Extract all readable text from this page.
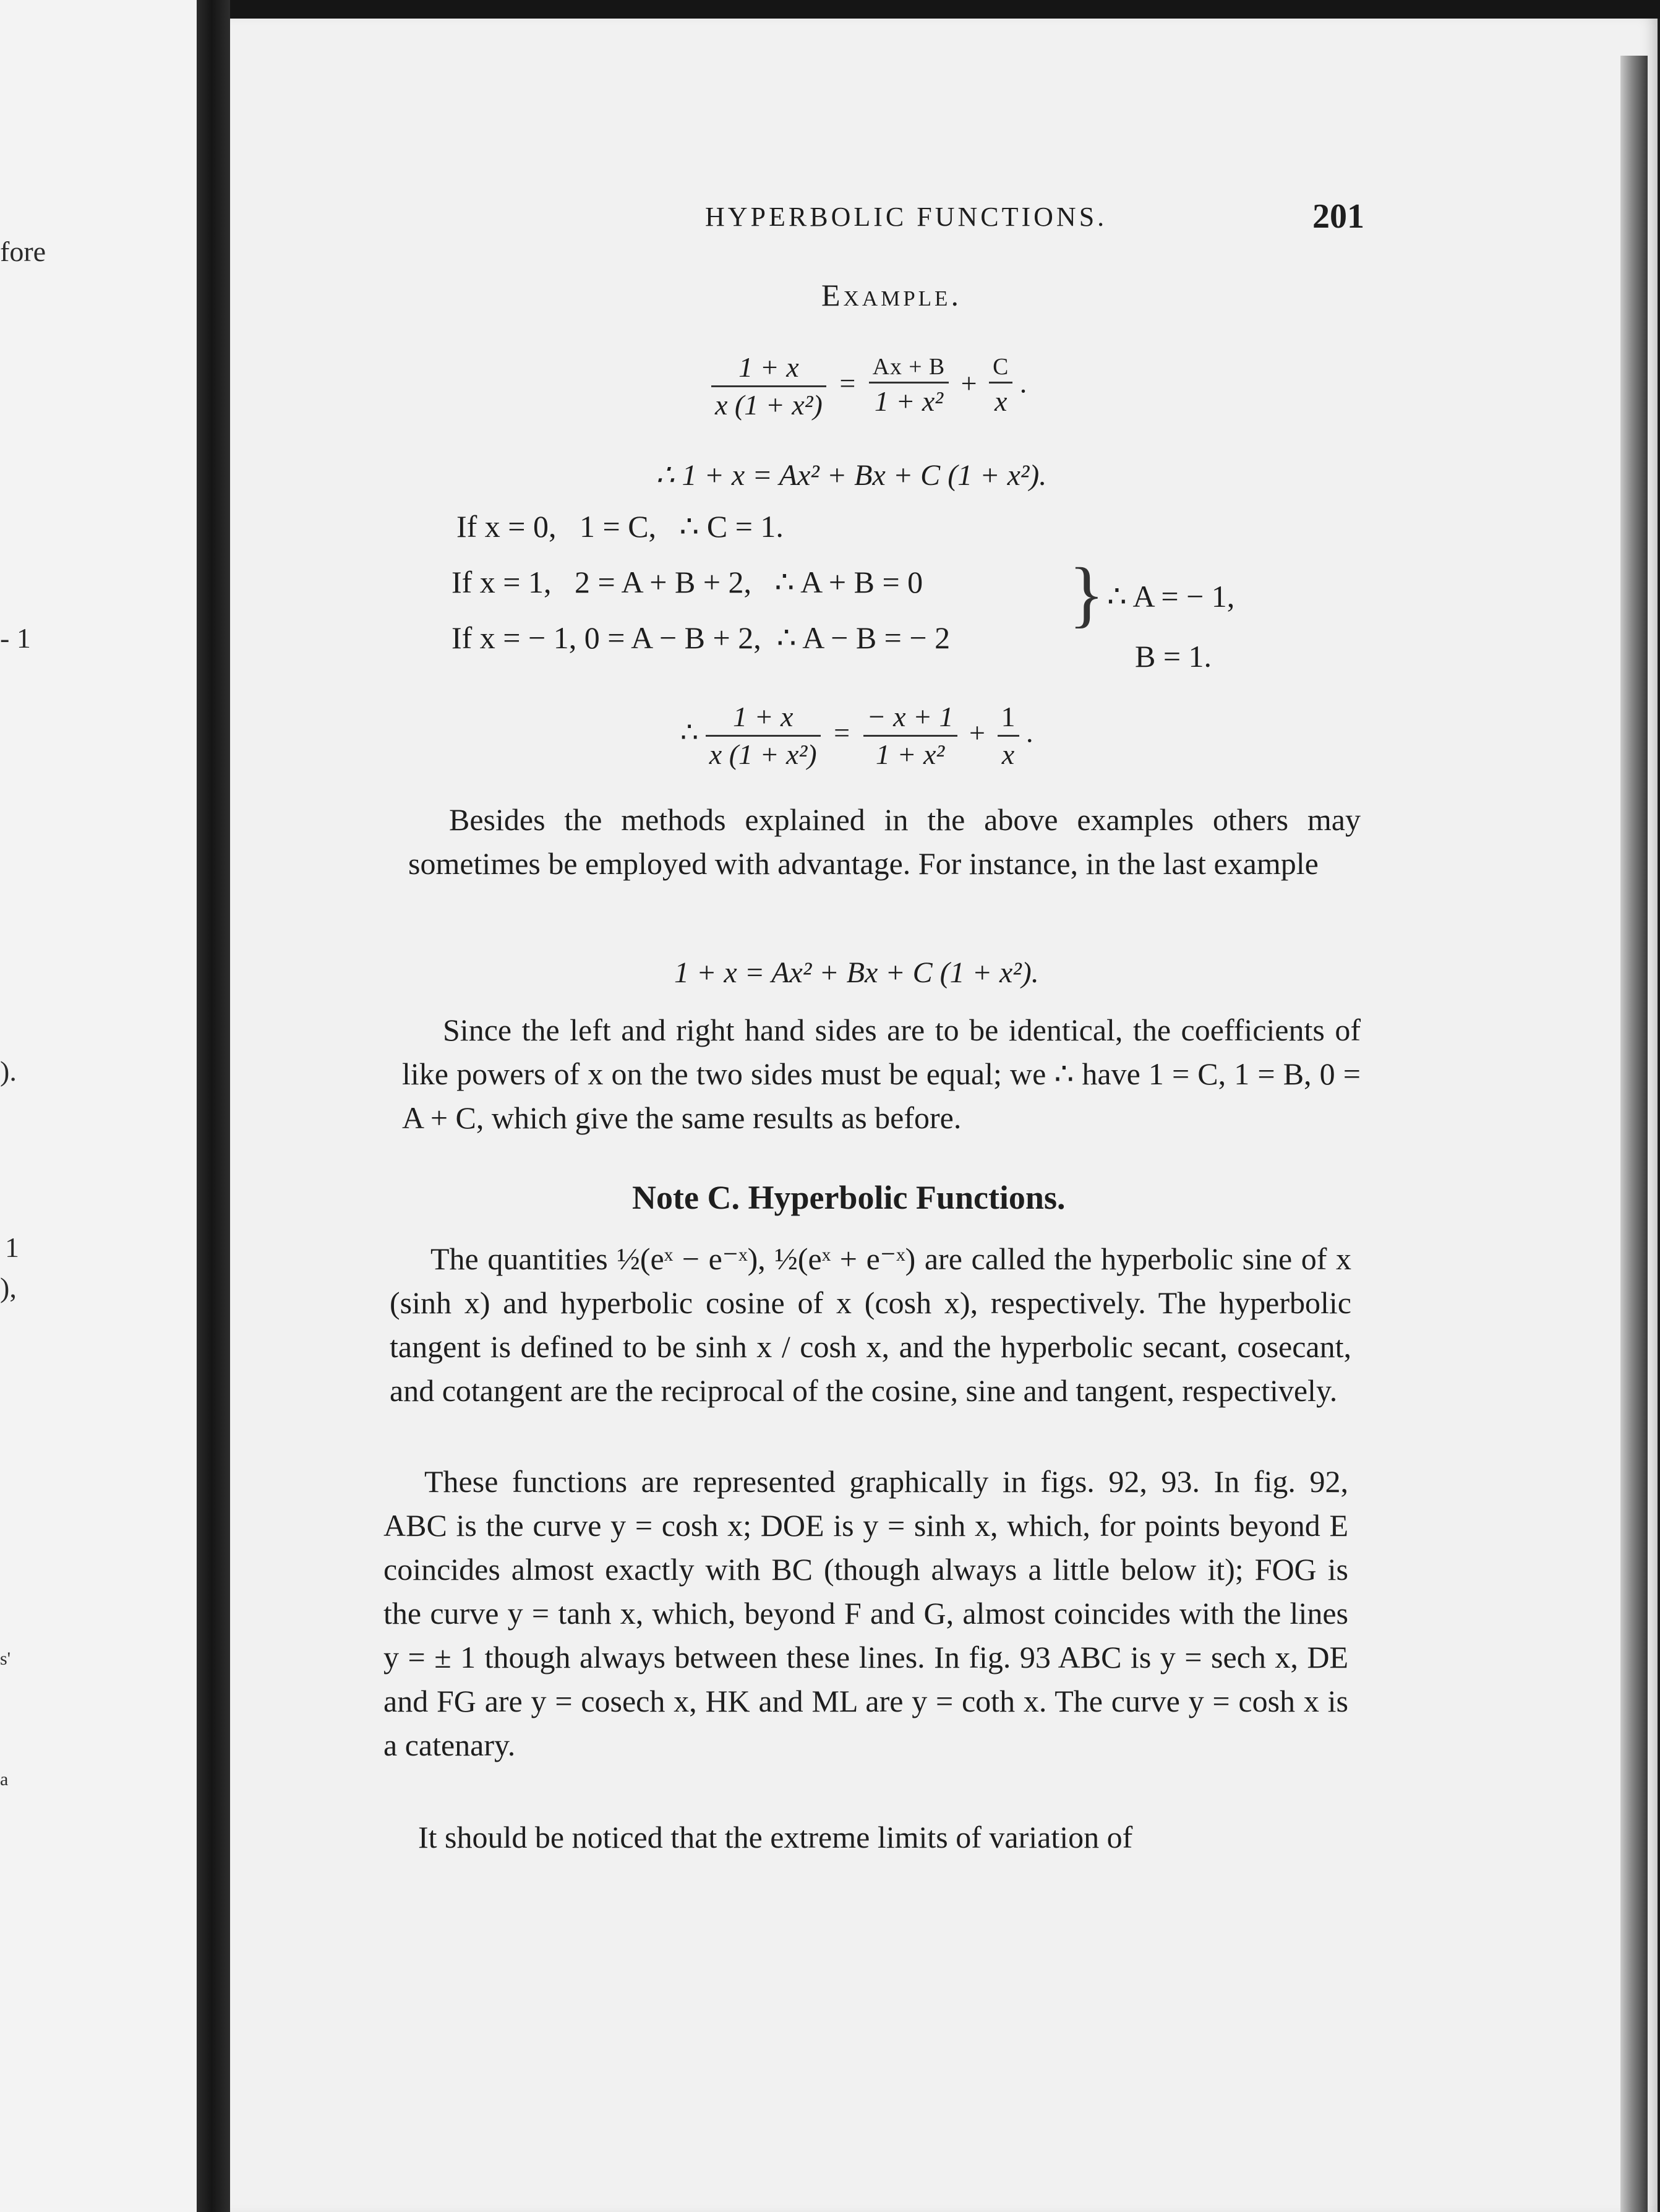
fore
- 1
).
1
),
s'
a
HYPERBOLIC FUNCTIONS.	201
Example.
$\frac{1 + x}{\text{x (1 + x²)}} = \frac{Ax + B}{\text{1 + x²}} + \frac{C}{x}$ .
∴ 1 + x = Ax² + Bx + C (1 + x²).
If x = 0,   1 = C,   ∴ C = 1.
If x = 1,   2 = A + B + 2,   ∴ A + B = 0
If x = − 1, 0 = A − B + 2,  ∴ A − B = − 2
} ∴ A = − 1,
B = 1.
∴ $\frac{1 + x}{\text{x (1 + x²)}} = \frac{- x + 1}{\text{1 + x²}} + \frac{1}{x}$ .
Besides the methods explained in the above examples others may sometimes be employed with advantage. For instance, in the last example
1 + x = Ax² + Bx + C (1 + x²).
Since the left and right hand sides are to be identical, the coefficients of like powers of x on the two sides must be equal; we ∴ have 1 = C, 1 = B, 0 = A + C, which give the same results as before.
Note C. Hyperbolic Functions.
The quantities ½(eˣ − e⁻ˣ), ½(eˣ + e⁻ˣ) are called the hyperbolic sine of x (sinh x) and hyperbolic cosine of x (cosh x), respectively. The hyperbolic tangent is defined to be sinh x / cosh x, and the hyperbolic secant, cosecant, and cotangent are the reciprocal of the cosine, sine and tangent, respectively.
These functions are represented graphically in figs. 92, 93. In fig. 92, ABC is the curve y = cosh x; DOE is y = sinh x, which, for points beyond E coincides almost exactly with BC (though always a little below it); FOG is the curve y = tanh x, which, beyond F and G, almost coincides with the lines y = ± 1 though always between these lines. In fig. 93 ABC is y = sech x, DE and FG are y = cosech x, HK and ML are y = coth x. The curve y = cosh x is a catenary.
It should be noticed that the extreme limits of variation of
